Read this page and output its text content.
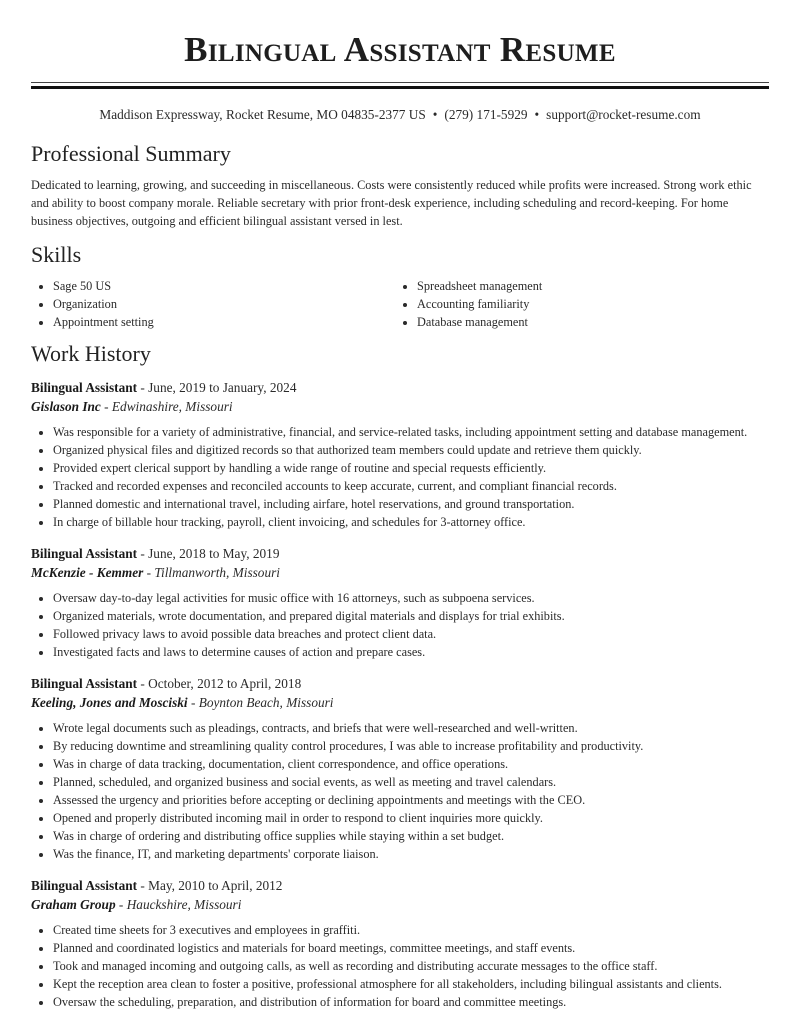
Bilingual Assistant Resume
Maddison Expressway, Rocket Resume, MO 04835-2377 US • (279) 171-5929 • support@rocket-resume.com
Professional Summary

Dedicated to learning, growing, and succeeding in miscellaneous. Costs were consistently reduced while profits were increased. Strong work ethic and ability to boost company morale. Reliable secretary with prior front-desk experience, including scheduling and record-keeping. For home business objectives, outgoing and efficient bilingual assistant versed in lest.

Skills
• Sage 50 US
• Organization
• Appointment setting
• Spreadsheet management
• Accounting familiarity
• Database management
Work History
Bilingual Assistant - June, 2019 to January, 2024
Gislason Inc - Edwinashire, Missouri
• Was responsible for a variety of administrative, financial, and service-related tasks, including appointment setting and database management.
• Organized physical files and digitized records so that authorized team members could update and retrieve them quickly.
• Provided expert clerical support by handling a wide range of routine and special requests efficiently.
• Tracked and recorded expenses and reconciled accounts to keep accurate, current, and compliant financial records.
• Planned domestic and international travel, including airfare, hotel reservations, and ground transportation.
• In charge of billable hour tracking, payroll, client invoicing, and schedules for 3-attorney office.
Bilingual Assistant - June, 2018 to May, 2019
McKenzie - Kemmer - Tillmanworth, Missouri
• Oversaw day-to-day legal activities for music office with 16 attorneys, such as subpoena services.
• Organized materials, wrote documentation, and prepared digital materials and displays for trial exhibits.
• Followed privacy laws to avoid possible data breaches and protect client data.
• Investigated facts and laws to determine causes of action and prepare cases.
Bilingual Assistant - October, 2012 to April, 2018
Keeling, Jones and Mosciski - Boynton Beach, Missouri
• Wrote legal documents such as pleadings, contracts, and briefs that were well-researched and well-written.
• By reducing downtime and streamlining quality control procedures, I was able to increase profitability and productivity.
• Was in charge of data tracking, documentation, client correspondence, and office operations.
• Planned, scheduled, and organized business and social events, as well as meeting and travel calendars.
• Assessed the urgency and priorities before accepting or declining appointments and meetings with the CEO.
• Opened and properly distributed incoming mail in order to respond to client inquiries more quickly.
• Was in charge of ordering and distributing office supplies while staying within a set budget.
• Was the finance, IT, and marketing departments' corporate liaison.
Bilingual Assistant - May, 2010 to April, 2012
Graham Group - Hauckshire, Missouri
• Created time sheets for 3 executives and employees in graffiti.
• Planned and coordinated logistics and materials for board meetings, committee meetings, and staff events.
• Took and managed incoming and outgoing calls, as well as recording and distributing accurate messages to the office staff.
• Kept the reception area clean to foster a positive, professional atmosphere for all stakeholders, including bilingual assistants and clients.
• Oversaw the scheduling, preparation, and distribution of information for board and committee meetings.
